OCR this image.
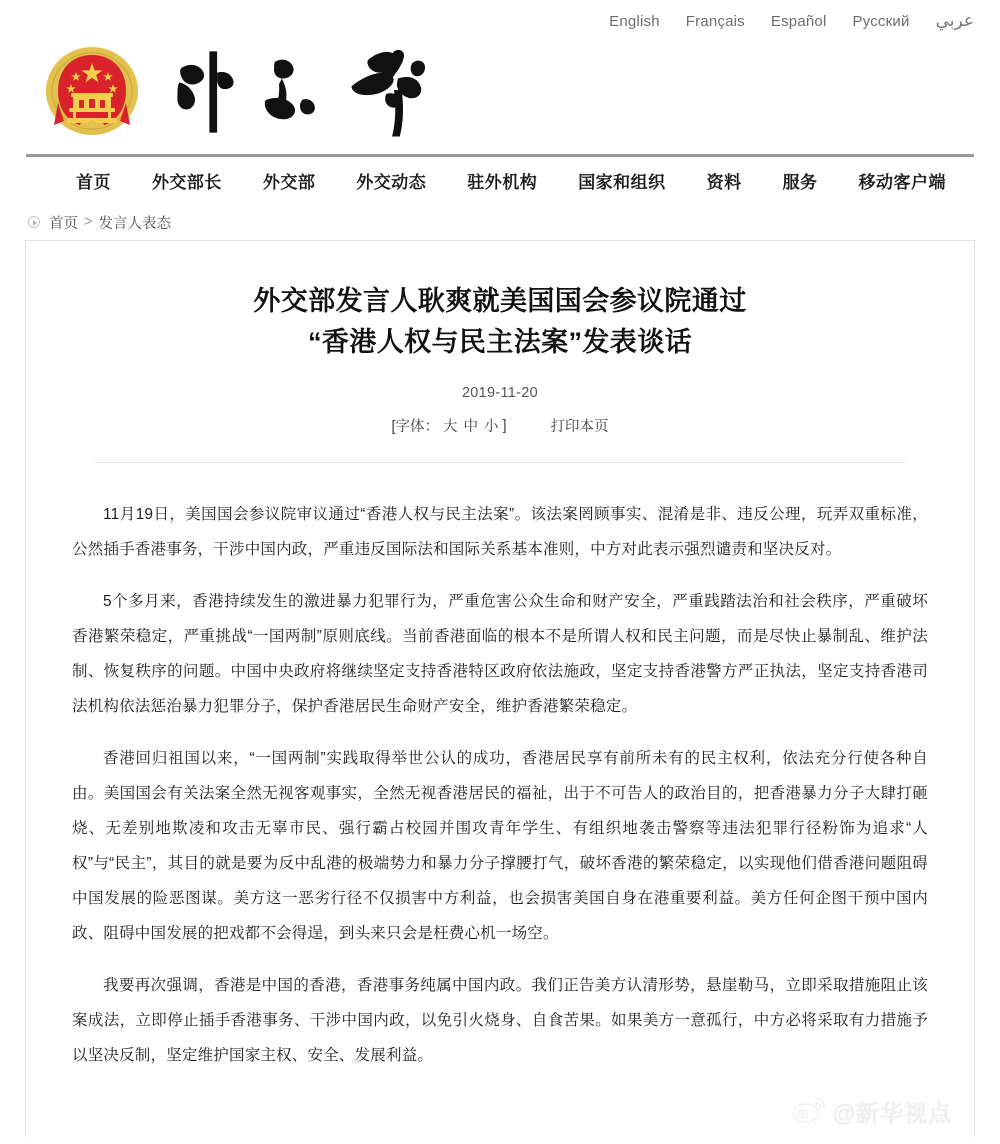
English Français Español Русский عربي
首页 外交部长 外交部 外交动态 驻外机构 国家和组织 资料 服务 移动客户端
首页 > 发言人表态
外交部发言人耿爽就美国国会参议院通过
“香港人权与民主法案”发表谈话
2019-11-20
[字体： 大 中 小 ]	打印本页

11月19日，美国国会参议院审议通过“香港人权与民主法案”。该法案罔顾事实、混淆是非、违反公理，玩弄双重标准，公然插手香港事务，干涉中国内政，严重违反国际法和国际关系基本准则，中方对此表示强烈谴责和坚决反对。

5个多月来，香港持续发生的激进暴力犯罪行为，严重危害公众生命和财产安全，严重践踏法治和社会秩序，严重破坏香港繁荣稳定，严重挑战“一国两制”原则底线。当前香港面临的根本不是所谓人权和民主问题，而是尽快止暴制乱、维护法制、恢复秩序的问题。中国中央政府将继续坚定支持香港特区政府依法施政，坚定支持香港警方严正执法，坚定支持香港司法机构依法惩治暴力犯罪分子，保护香港居民生命财产安全，维护香港繁荣稳定。

香港回归祖国以来，“一国两制”实践取得举世公认的成功，香港居民享有前所未有的民主权利，依法充分行使各种自由。美国国会有关法案全然无视客观事实，全然无视香港居民的福祉，出于不可告人的政治目的，把香港暴力分子大肆打砸烧、无差别地欺凌和攻击无辜市民、强行霸占校园并围攻青年学生、有组织地袭击警察等违法犯罪行径粉饰为追求“人权”与“民主”，其目的就是要为反中乱港的极端势力和暴力分子撑腰打气，破坏香港的繁荣稳定，以实现他们借香港问题阻碍中国发展的险恶图谋。美方这一恶劣行径不仅损害中方利益，也会损害美国自身在港重要利益。美方任何企图干预中国内政、阻碍中国发展的把戏都不会得逞，到头来只会是枉费心机一场空。

我要再次强调，香港是中国的香港，香港事务纯属中国内政。我们正告美方认清形势，悬崖勒马，立即采取措施阻止该案成法，立即停止插手香港事务、干涉中国内政，以免引火烧身、自食苦果。如果美方一意孤行，中方必将采取有力措施予以坚决反制，坚定维护国家主权、安全、发展利益。

@新华视点
